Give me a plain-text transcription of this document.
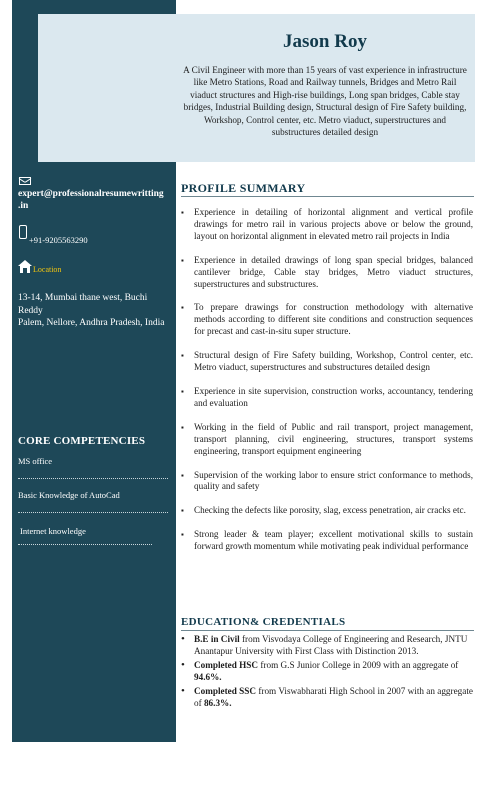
expert@professionalresumewritting
.in
+91-9205563290
Location
13-14, Mumbai thane west, Buchi
Reddy
Palem, Nellore, Andhra Pradesh, India
CORE COMPETENCIES
MS office
Basic Knowledge of AutoCad
Internet knowledge
Jason Roy
A Civil Engineer with more than 15 years of vast experience in infrastructure like Metro Stations, Road and Railway tunnels, Bridges and Metro Rail viaduct structures and High-rise buildings, Long span bridges, Cable stay bridges, Industrial Building design, Structural design of Fire Safety building, Workshop, Control center, etc. Metro viaduct, superstructures and substructures detailed design
PROFILE SUMMARY
▪ Experience in detailing of horizontal alignment and vertical profile drawings for metro rail in various projects above or below the ground, layout on horizontal alignment in elevated metro rail projects in India
▪ Experience in detailed drawings of long span special bridges, balanced cantilever bridge, Cable stay bridges, Metro viaduct structures, superstructures and substructures.
▪ To prepare drawings for construction methodology with alternative methods according to different site conditions and construction sequences for precast and cast-in-situ super structure.
▪ Structural design of Fire Safety building, Workshop, Control center, etc. Metro viaduct, superstructures and substructures detailed design
▪ Experience in site supervision, construction works, accountancy, tendering and evaluation
▪ Working in the field of Public and rail transport, project management, transport planning, civil engineering, structures, transport systems engineering, transport equipment engineering
▪ Supervision of the working labor to ensure strict conformance to methods, quality and safety
▪ Checking the defects like porosity, slag, excess penetration, air cracks etc.
▪ Strong leader & team player; excellent motivational skills to sustain forward growth momentum while motivating peak individual performance
EDUCATION& CREDENTIALS
• B.E in Civil from Visvodaya College of Engineering and Research, JNTU Anantapur University with First Class with Distinction 2013.
• Completed HSC from G.S Junior College in 2009 with an aggregate of 94.6%.
• Completed SSC from Viswabharati High School in 2007 with an aggregate of 86.3%.
